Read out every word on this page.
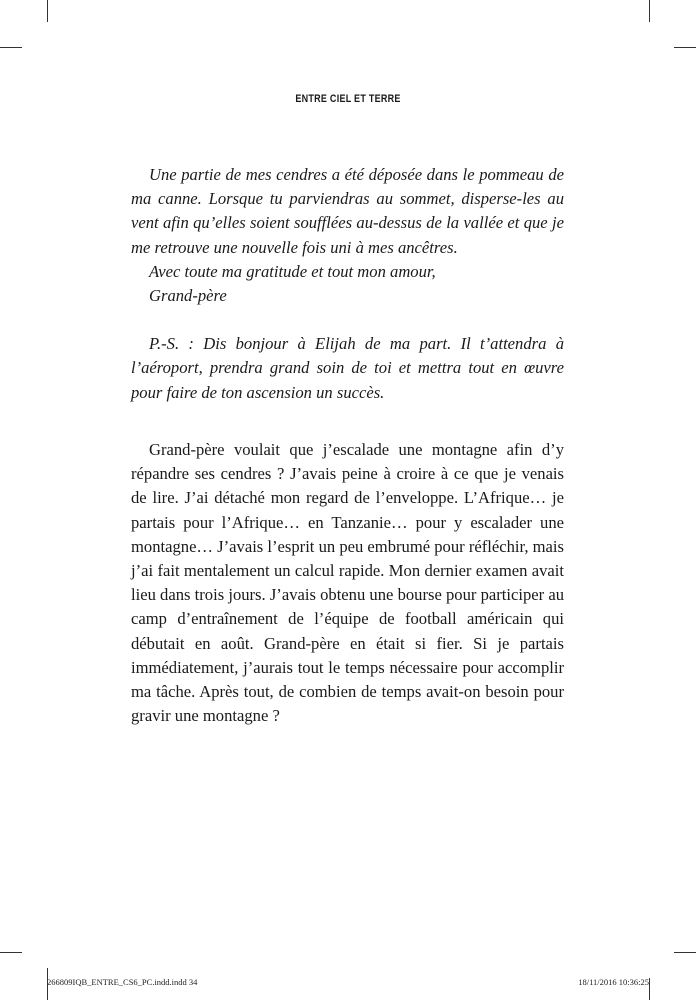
ENTRE CIEL ET TERRE

Une partie de mes cendres a été déposée dans le pommeau de ma canne. Lorsque tu parviendras au sommet, disperse-les au vent afin qu’elles soient soufflées au-dessus de la vallée et que je me retrouve une nouvelle fois uni à mes ancêtres.

Avec toute ma gratitude et tout mon amour,

Grand-père

P.-S. : Dis bonjour à Elijah de ma part. Il t’attendra à l’aéroport, prendra grand soin de toi et mettra tout en œuvre pour faire de ton ascension un succès.

Grand-père voulait que j’escalade une montagne afin d’y répandre ses cendres ? J’avais peine à croire à ce que je venais de lire. J’ai détaché mon regard de l’enveloppe. L’Afrique… je partais pour l’Afrique… en Tanzanie… pour y escalader une montagne… J’avais l’esprit un peu embrumé pour réfléchir, mais j’ai fait mentalement un calcul rapide. Mon dernier examen avait lieu dans trois jours. J’avais obtenu une bourse pour participer au camp d’entraînement de l’équipe de football américain qui débutait en août. Grand-père en était si fier. Si je partais immédiatement, j’aurais tout le temps nécessaire pour accomplir ma tâche. Après tout, de combien de temps avait-on besoin pour gravir une montagne ?

266809IQB_ENTRE_CS6_PC.indd.indd 34	18/11/2016 10:36:25
